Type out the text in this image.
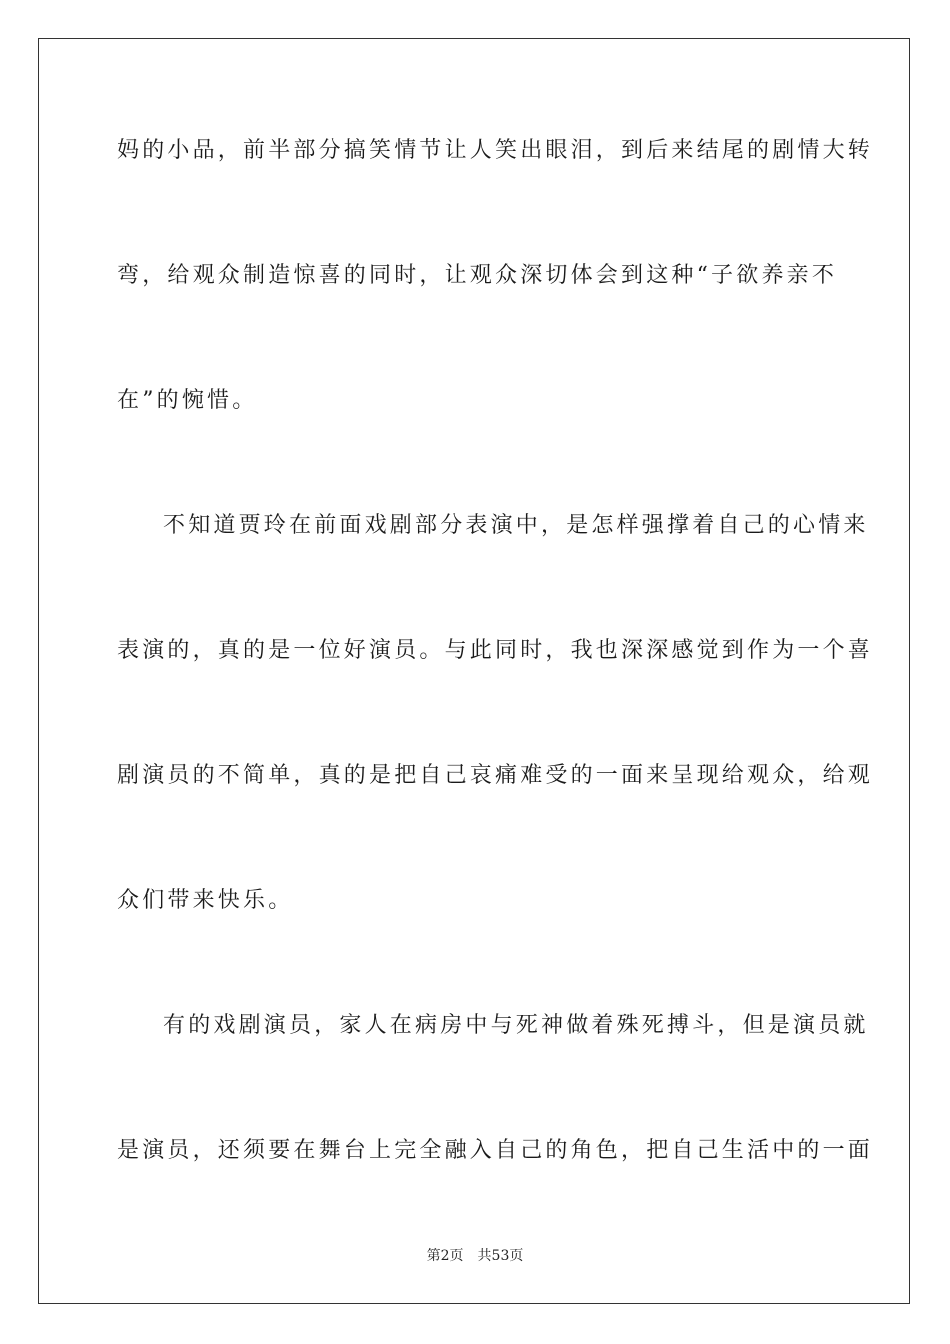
妈的小品，前半部分搞笑情节让人笑出眼泪，到后来结尾的剧情大转
弯，给观众制造惊喜的同时，让观众深切体会到这种“子欲养亲不
在”的惋惜。
不知道贾玲在前面戏剧部分表演中，是怎样强撑着自己的心情来
表演的，真的是一位好演员。与此同时，我也深深感觉到作为一个喜
剧演员的不简单，真的是把自己哀痛难受的一面来呈现给观众，给观
众们带来快乐。
有的戏剧演员，家人在病房中与死神做着殊死搏斗，但是演员就
是演员，还须要在舞台上完全融入自己的角色，把自己生活中的一面
第2页 共53页
